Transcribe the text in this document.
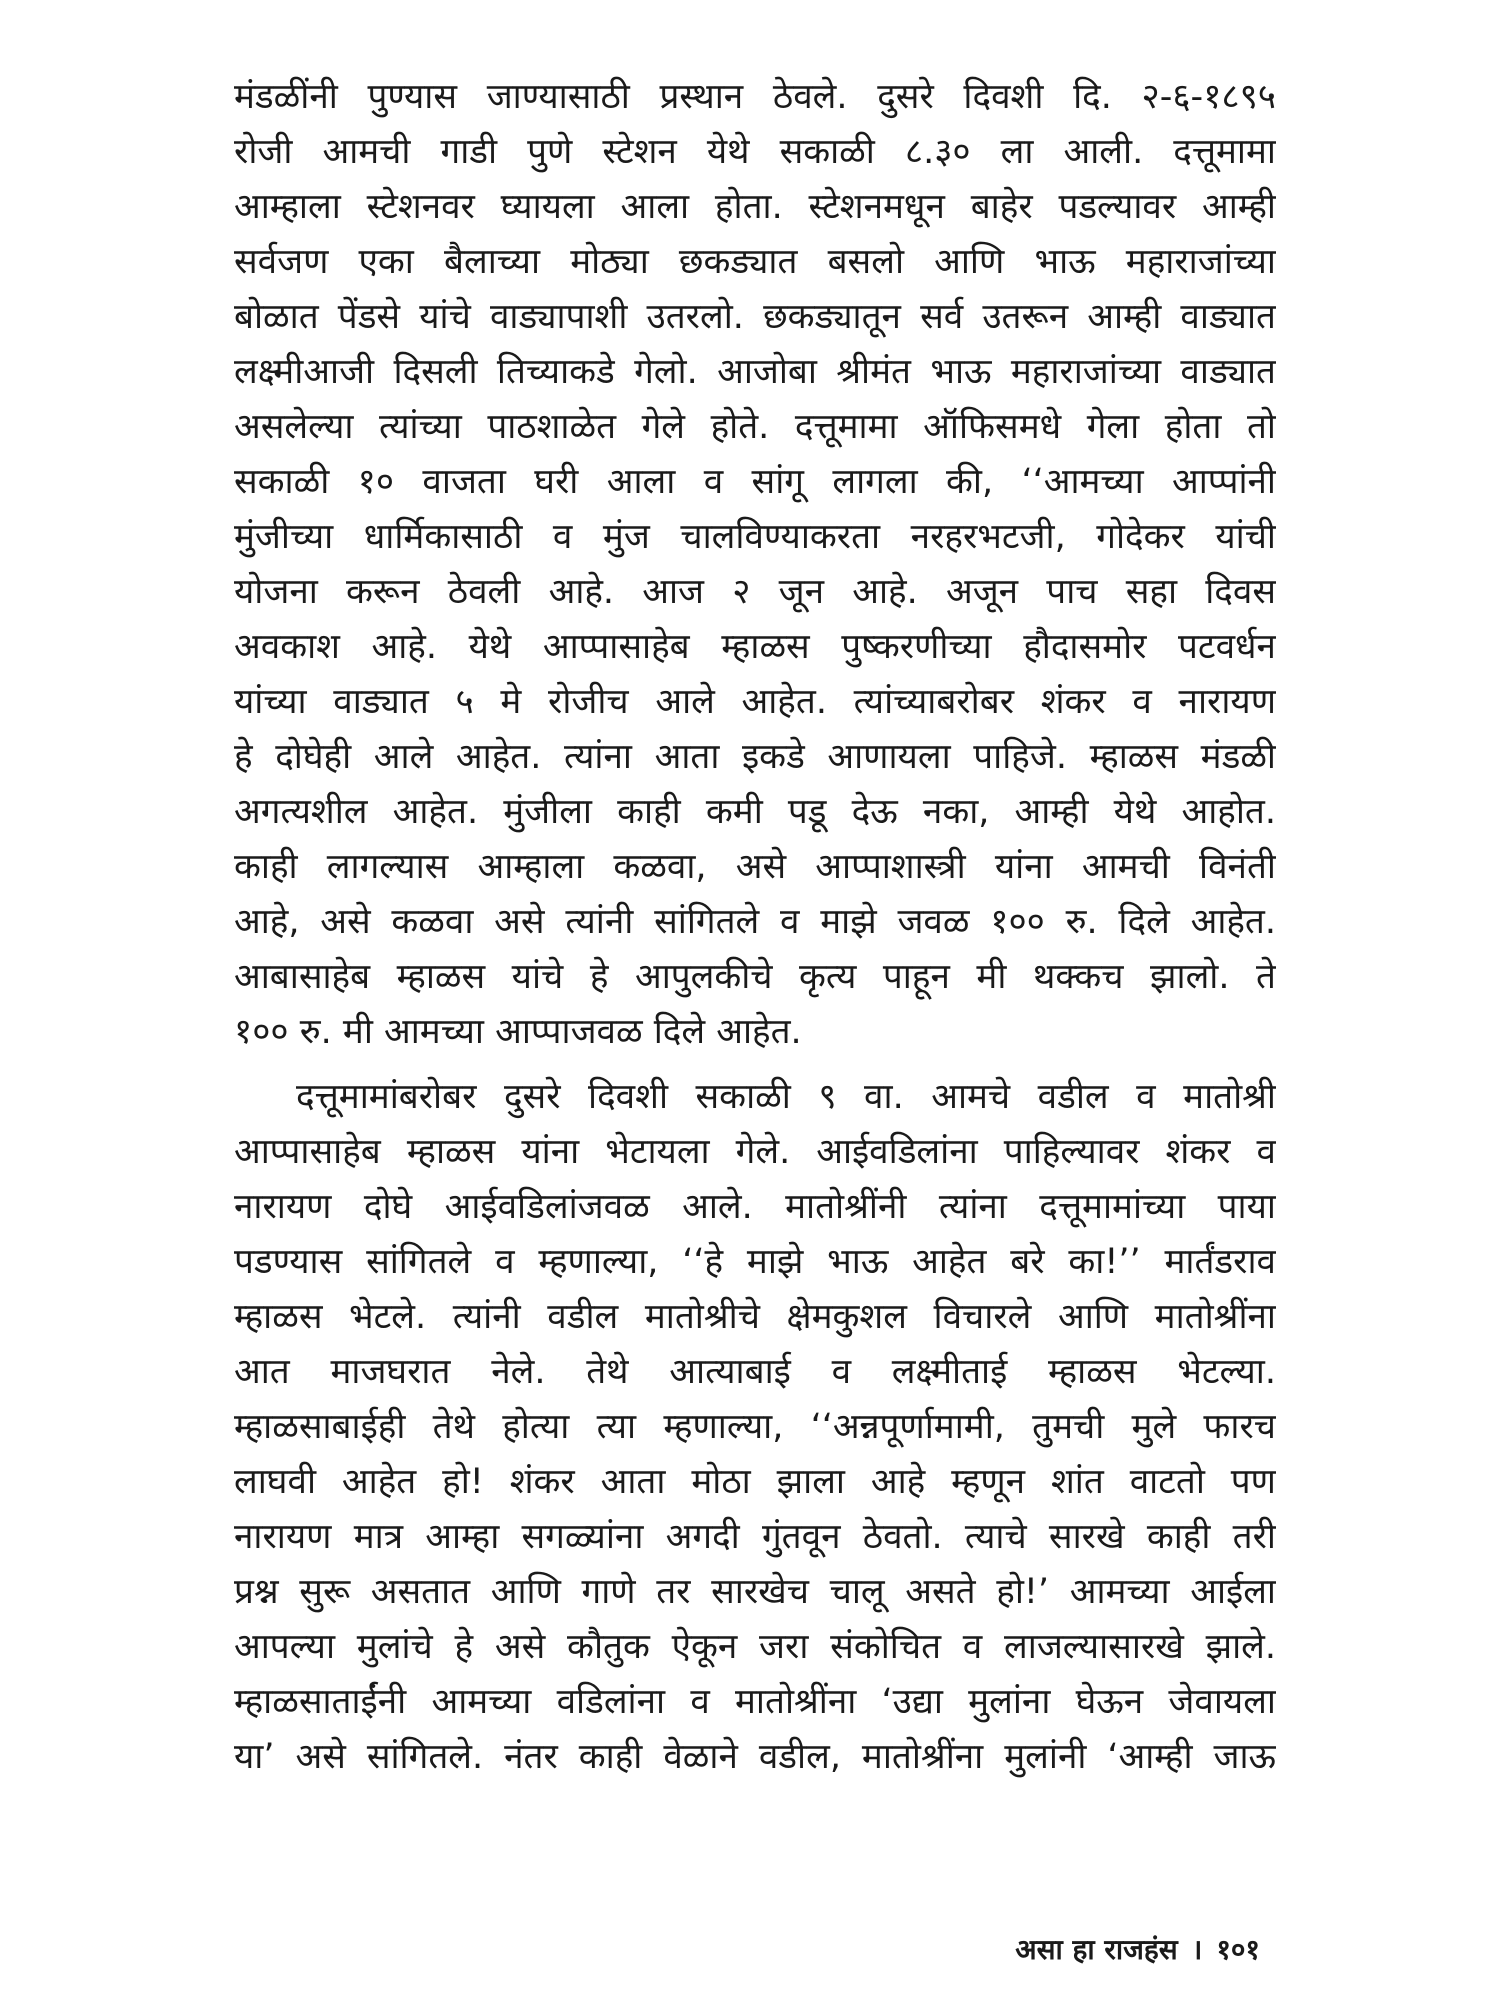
मंडळींनी पुण्यास जाण्यासाठी प्रस्थान ठेवले. दुसरे दिवशी दि. २-६-१८९५
रोजी आमची गाडी पुणे स्टेशन येथे सकाळी ८.३० ला आली. दत्तूमामा
आम्हाला स्टेशनवर घ्यायला आला होता. स्टेशनमधून बाहेर पडल्यावर आम्ही
सर्वजण एका बैलाच्या मोठ्या छकड्यात बसलो आणि भाऊ महाराजांच्या
बोळात पेंडसे यांचे वाड्यापाशी उतरलो. छकड्यातून सर्व उतरून आम्ही वाड्यात
लक्ष्मीआजी दिसली तिच्याकडे गेलो. आजोबा श्रीमंत भाऊ महाराजांच्या वाड्यात
असलेल्या त्यांच्या पाठशाळेत गेले होते. दत्तूमामा ऑफिसमधे गेला होता तो
सकाळी १० वाजता घरी आला व सांगू लागला की, ‘‘आमच्या आप्पांनी
मुंजीच्या धार्मिकासाठी व मुंज चालविण्याकरता नरहरभटजी, गोदेकर यांची
योजना करून ठेवली आहे. आज २ जून आहे. अजून पाच सहा दिवस
अवकाश आहे. येथे आप्पासाहेब म्हाळस पुष्करणीच्या हौदासमोर पटवर्धन
यांच्या वाड्यात ५ मे रोजीच आले आहेत. त्यांच्याबरोबर शंकर व नारायण
हे दोघेही आले आहेत. त्यांना आता इकडे आणायला पाहिजे. म्हाळस मंडळी
अगत्यशील आहेत. मुंजीला काही कमी पडू देऊ नका, आम्ही येथे आहोत.
काही लागल्यास आम्हाला कळवा, असे आप्पाशास्त्री यांना आमची विनंती
आहे, असे कळवा असे त्यांनी सांगितले व माझे जवळ १०० रु. दिले आहेत.
आबासाहेब म्हाळस यांचे हे आपुलकीचे कृत्य पाहून मी थक्कच झालो. ते
१०० रु. मी आमच्या आप्पाजवळ दिले आहेत.
दत्तूमामांबरोबर दुसरे दिवशी सकाळी ९ वा. आमचे वडील व मातोश्री
आप्पासाहेब म्हाळस यांना भेटायला गेले. आईवडिलांना पाहिल्यावर शंकर व
नारायण दोघे आईवडिलांजवळ आले. मातोश्रींनी त्यांना दत्तूमामांच्या पाया
पडण्यास सांगितले व म्हणाल्या, ‘‘हे माझे भाऊ आहेत बरे का!’’ मार्तंडराव
म्हाळस भेटले. त्यांनी वडील मातोश्रीचे क्षेमकुशल विचारले आणि मातोश्रींना
आत माजघरात नेले. तेथे आत्याबाई व लक्ष्मीताई म्हाळस भेटल्या.
म्हाळसाबाईही तेथे होत्या त्या म्हणाल्या, ‘‘अन्नपूर्णामामी, तुमची मुले फारच
लाघवी आहेत हो! शंकर आता मोठा झाला आहे म्हणून शांत वाटतो पण
नारायण मात्र आम्हा सगळ्यांना अगदी गुंतवून ठेवतो. त्याचे सारखे काही तरी
प्रश्न सुरू असतात आणि गाणे तर सारखेच चालू असते हो!’ आमच्या आईला
आपल्या मुलांचे हे असे कौतुक ऐकून जरा संकोचित व लाजल्यासारखे झाले.
म्हाळसाताईंनी आमच्या वडिलांना व मातोश्रींना ‘उद्या मुलांना घेऊन जेवायला
या’ असे सांगितले. नंतर काही वेळाने वडील, मातोश्रींना मुलांनी ‘आम्ही जाऊ
असा हा राजहंस । १०१
